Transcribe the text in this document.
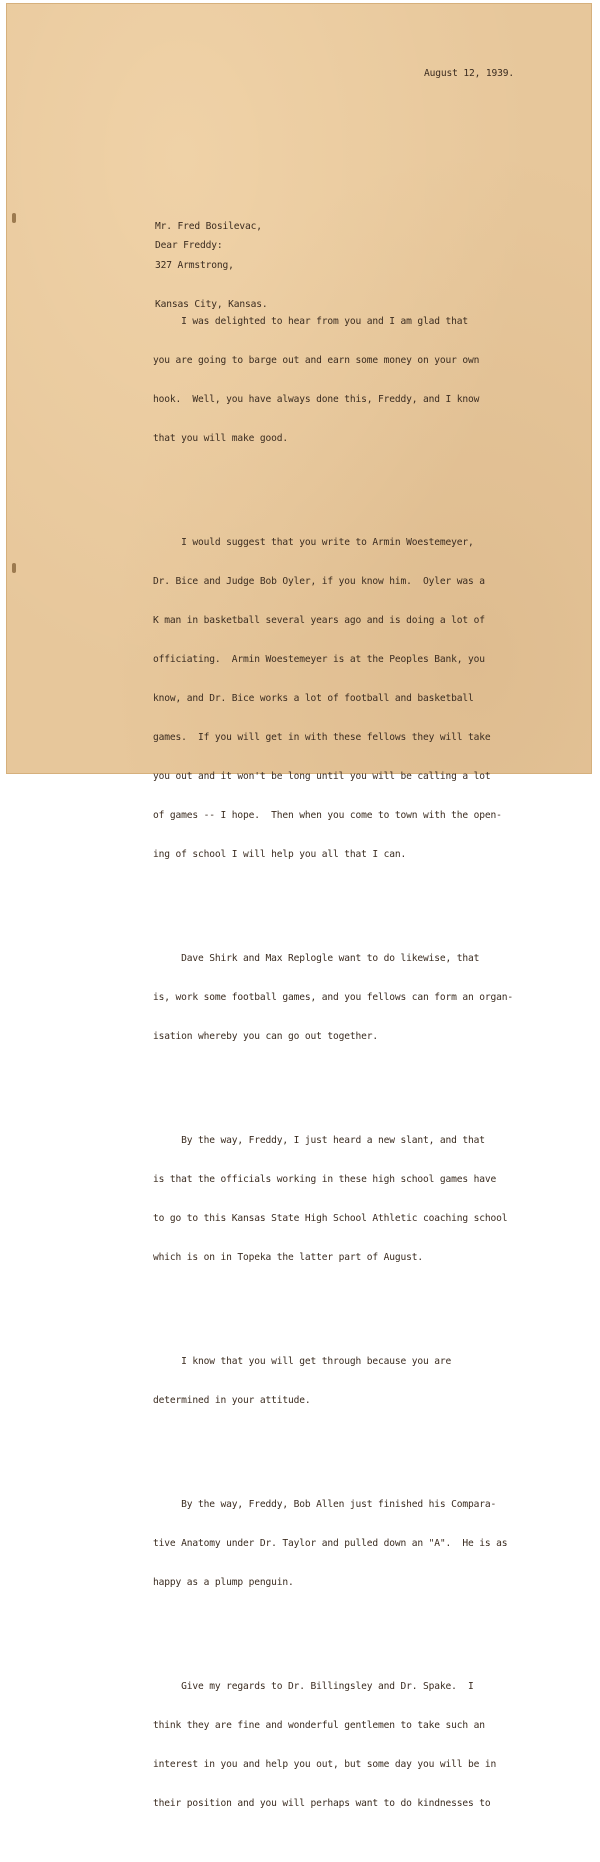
August 12, 1939.

Mr. Fred Bosilevac,

327 Armstrong,

Kansas City, Kansas.

Dear Freddy:

I was delighted to hear from you and I am glad that

you are going to barge out and earn some money on your own

hook.  Well, you have always done this, Freddy, and I know

that you will make good.

I would suggest that you write to Armin Woestemeyer,

Dr. Bice and Judge Bob Oyler, if you know him.  Oyler was a

K man in basketball several years ago and is doing a lot of

officiating.  Armin Woestemeyer is at the Peoples Bank, you

know, and Dr. Bice works a lot of football and basketball

games.  If you will get in with these fellows they will take

you out and it won't be long until you will be calling a lot

of games -- I hope.  Then when you come to town with the open-

ing of school I will help you all that I can.

Dave Shirk and Max Replogle want to do likewise, that

is, work some football games, and you fellows can form an organ-

isation whereby you can go out together.

By the way, Freddy, I just heard a new slant, and that

is that the officials working in these high school games have

to go to this Kansas State High School Athletic coaching school

which is on in Topeka the latter part of August.

I know that you will get through because you are

determined in your attitude.

By the way, Freddy, Bob Allen just finished his Compara-

tive Anatomy under Dr. Taylor and pulled down an "A".  He is as

happy as a plump penguin.

Give my regards to Dr. Billingsley and Dr. Spake.  I

think they are fine and wonderful gentlemen to take such an

interest in you and help you out, but some day you will be in

their position and you will perhaps want to do kindnesses to
